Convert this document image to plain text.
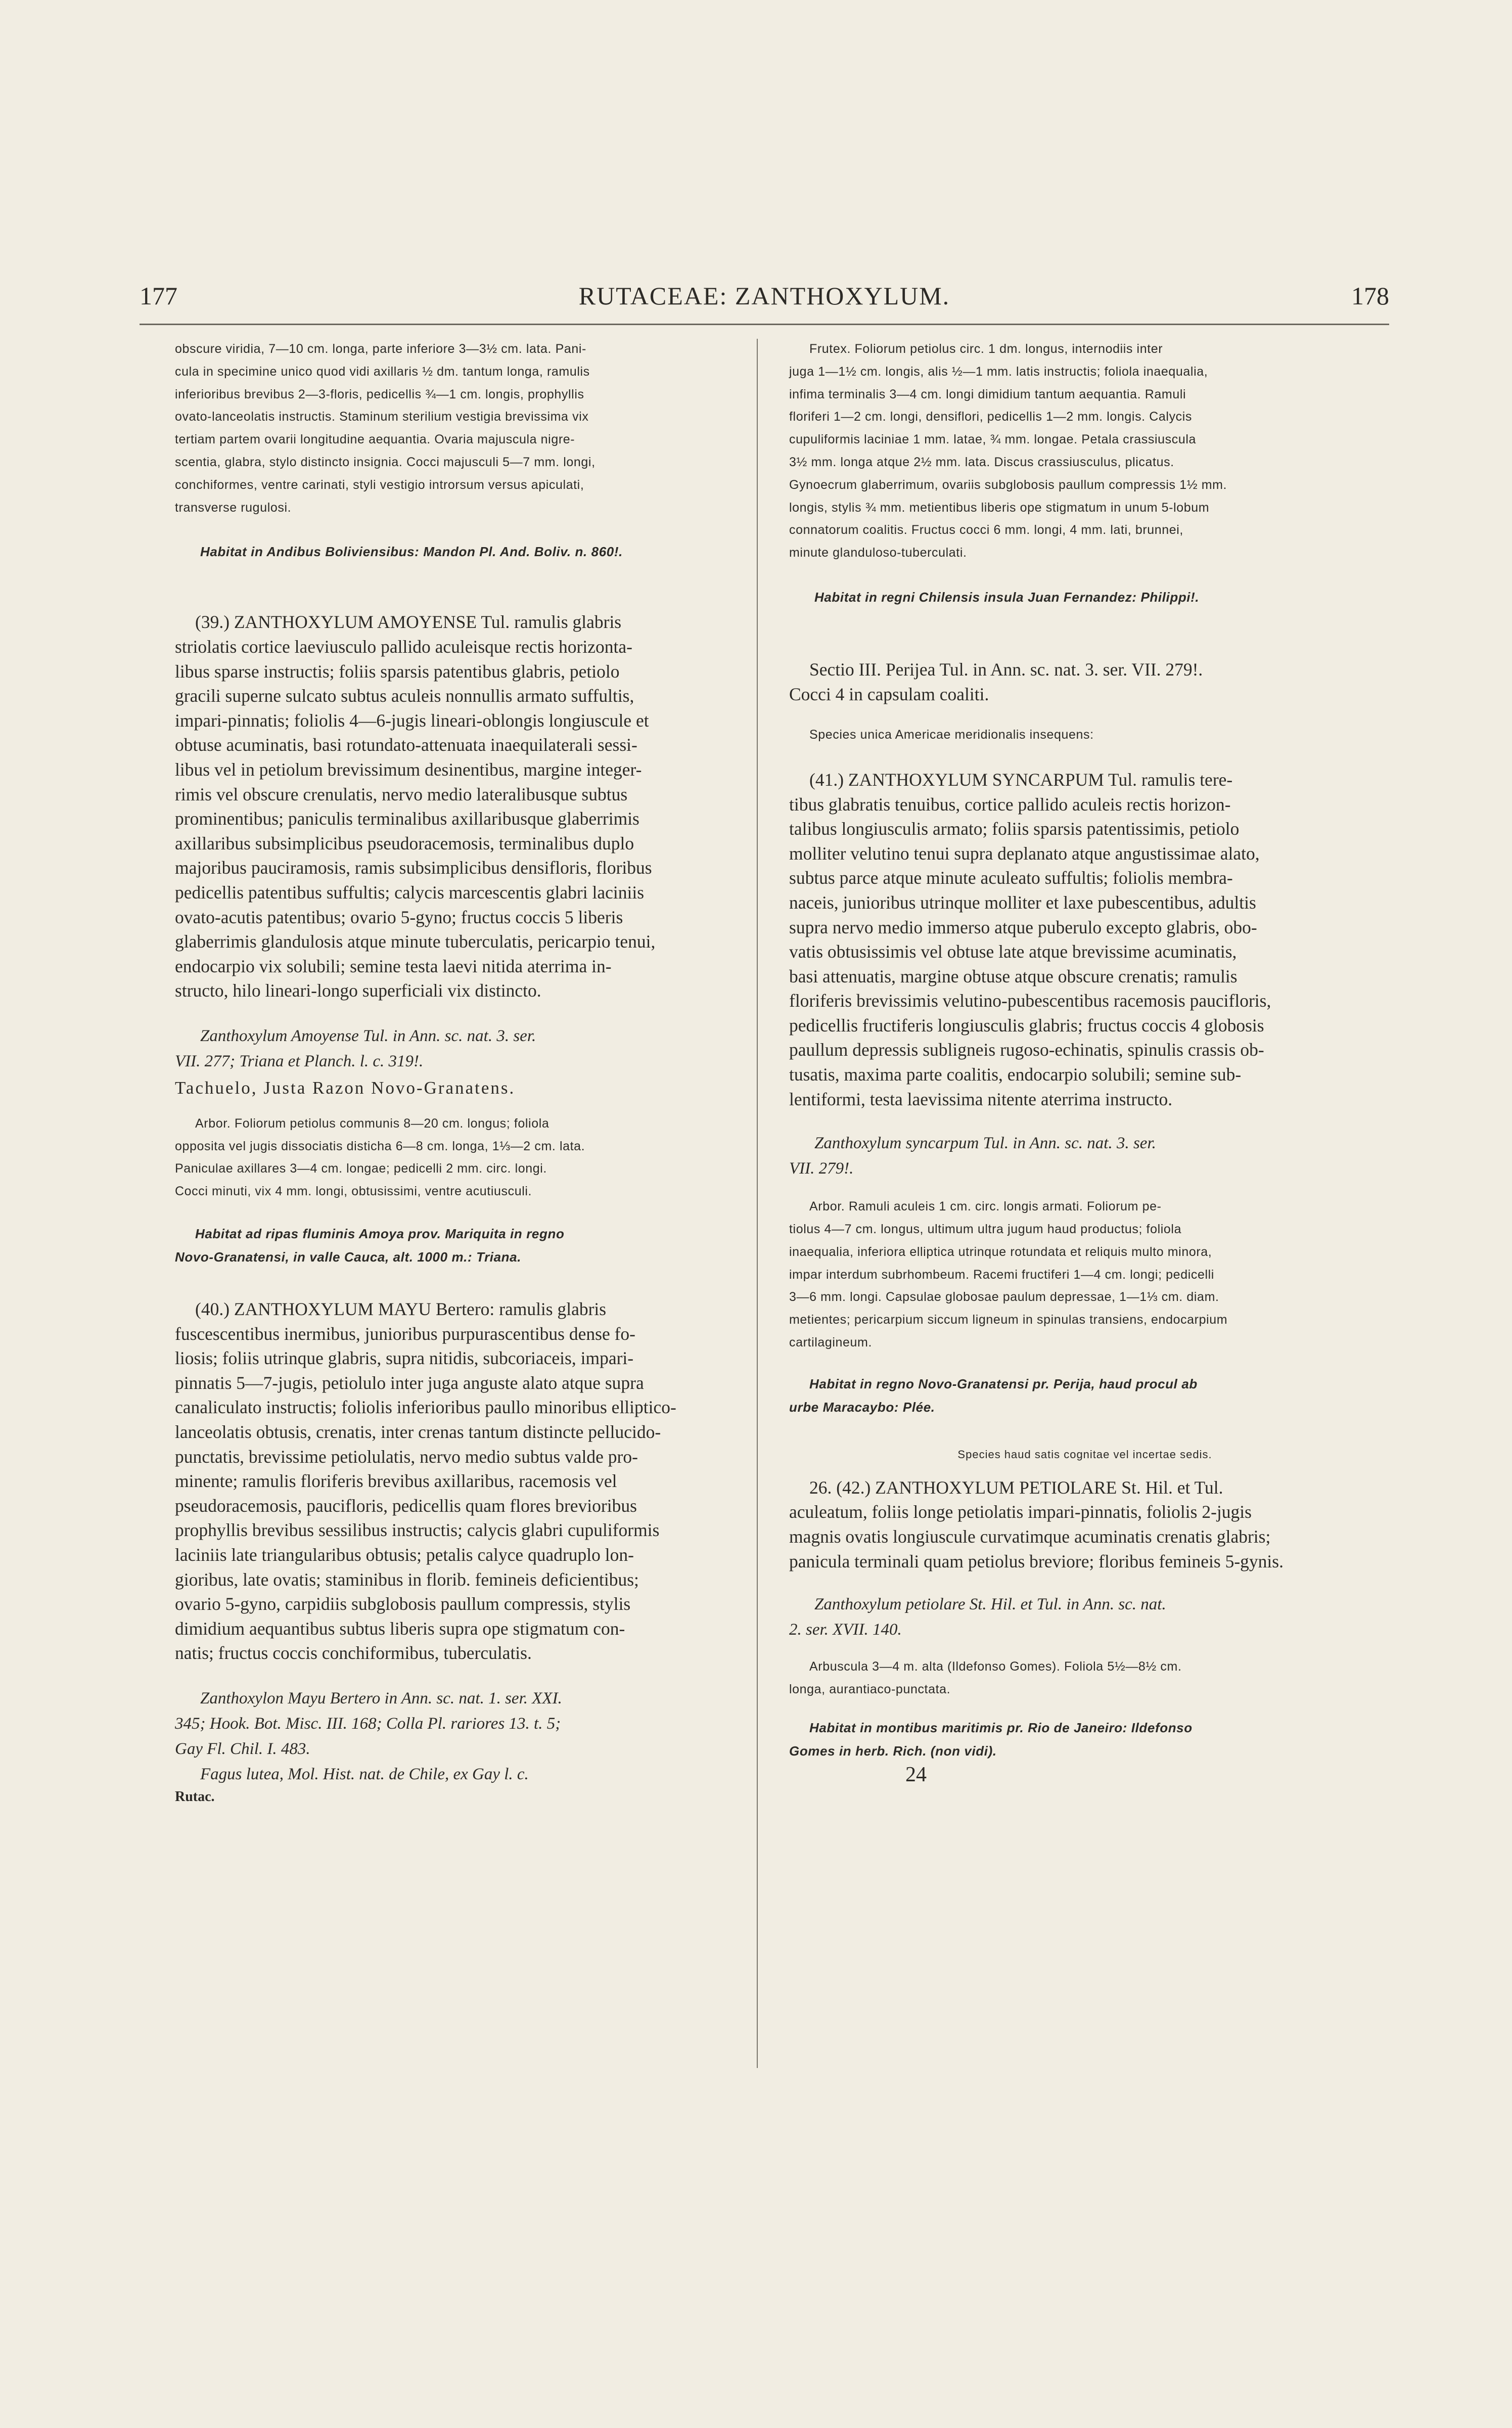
177	RUTACEAE: ZANTHOXYLUM.	178

obscure viridia, 7—10 cm. longa, parte inferiore 3—3½ cm. lata. Pani-
cula in specimine unico quod vidi axillaris ½ dm. tantum longa, ramulis
inferioribus brevibus 2—3-floris, pedicellis ¾—1 cm. longis, prophyllis
ovato-lanceolatis instructis. Staminum sterilium vestigia brevissima vix
tertiam partem ovarii longitudine aequantia. Ovaria majuscula nigre-
scentia, glabra, stylo distincto insignia. Cocci majusculi 5—7 mm. longi,
conchiformes, ventre carinati, styli vestigio introrsum versus apiculati,
transverse rugulosi.

Habitat in Andibus Boliviensibus: Mandon Pl. And. Boliv. n. 860!.

(39.) ZANTHOXYLUM AMOYENSE Tul. ramulis glabris
striolatis cortice laeviusculo pallido aculeisque rectis horizonta-
libus sparse instructis; foliis sparsis patentibus glabris, petiolo
gracili superne sulcato subtus aculeis nonnullis armato suffultis,
impari-pinnatis; foliolis 4—6-jugis lineari-oblongis longiuscule et
obtuse acuminatis, basi rotundato-attenuata inaequilaterali sessi-
libus vel in petiolum brevissimum desinentibus, margine integer-
rimis vel obscure crenulatis, nervo medio lateralibusque subtus
prominentibus; paniculis terminalibus axillaribusque glaberrimis
axillaribus subsimplicibus pseudoracemosis, terminalibus duplo
majoribus pauciramosis, ramis subsimplicibus densifloris, floribus
pedicellis patentibus suffultis; calycis marcescentis glabri laciniis
ovato-acutis patentibus; ovario 5-gyno; fructus coccis 5 liberis
glaberrimis glandulosis atque minute tuberculatis, pericarpio tenui,
endocarpio vix solubili; semine testa laevi nitida aterrima in-
structo, hilo lineari-longo superficiali vix distincto.

Zanthoxylum Amoyense Tul. in Ann. sc. nat. 3. ser.
VII. 277; Triana et Planch. l. c. 319!.

Tachuelo, Justa Razon Novo-Granatens.

Arbor. Foliorum petiolus communis 8—20 cm. longus; foliola
opposita vel jugis dissociatis disticha 6—8 cm. longa, 1⅓—2 cm. lata.
Paniculae axillares 3—4 cm. longae; pedicelli 2 mm. circ. longi.
Cocci minuti, vix 4 mm. longi, obtusissimi, ventre acutiusculi.

Habitat ad ripas fluminis Amoya prov. Mariquita in regno
Novo-Granatensi, in valle Cauca, alt. 1000 m.: Triana.

(40.) ZANTHOXYLUM MAYU Bertero: ramulis glabris
fuscescentibus inermibus, junioribus purpurascentibus dense fo-
liosis; foliis utrinque glabris, supra nitidis, subcoriaceis, impari-
pinnatis 5—7-jugis, petiolulo inter juga anguste alato atque supra
canaliculato instructis; foliolis inferioribus paullo minoribus elliptico-
lanceolatis obtusis, crenatis, inter crenas tantum distincte pellucido-
punctatis, brevissime petiolulatis, nervo medio subtus valde pro-
minente; ramulis floriferis brevibus axillaribus, racemosis vel
pseudoracemosis, paucifloris, pedicellis quam flores brevioribus
prophyllis brevibus sessilibus instructis; calycis glabri cupuliformis
laciniis late triangularibus obtusis; petalis calyce quadruplo lon-
gioribus, late ovatis; staminibus in florib. femineis deficientibus;
ovario 5-gyno, carpidiis subglobosis paullum compressis, stylis
dimidium aequantibus subtus liberis supra ope stigmatum con-
natis; fructus coccis conchiformibus, tuberculatis.

Zanthoxylon Mayu Bertero in Ann. sc. nat. 1. ser. XXI.
345; Hook. Bot. Misc. III. 168; Colla Pl. rariores 13. t. 5;
Gay Fl. Chil. I. 483.
Fagus lutea, Mol. Hist. nat. de Chile, ex Gay l. c.

Rutac.

Frutex. Foliorum petiolus circ. 1 dm. longus, internodiis inter
juga 1—1½ cm. longis, alis ½—1 mm. latis instructis; foliola inaequalia,
infima terminalis 3—4 cm. longi dimidium tantum aequantia. Ramuli
floriferi 1—2 cm. longi, densiflori, pedicellis 1—2 mm. longis. Calycis
cupuliformis laciniae 1 mm. latae, ¾ mm. longae. Petala crassiuscula
3½ mm. longa atque 2½ mm. lata. Discus crassiusculus, plicatus.
Gynoecrum glaberrimum, ovariis subglobosis paullum compressis 1½ mm.
longis, stylis ¾ mm. metientibus liberis ope stigmatum in unum 5-lobum
connatorum coalitis. Fructus cocci 6 mm. longi, 4 mm. lati, brunnei,
minute glanduloso-tuberculati.

Habitat in regni Chilensis insula Juan Fernandez: Philippi!.

Sectio III. Perijea Tul. in Ann. sc. nat. 3. ser. VII. 279!.
Cocci 4 in capsulam coaliti.

Species unica Americae meridionalis insequens:

(41.) ZANTHOXYLUM SYNCARPUM Tul. ramulis tere-
tibus glabratis tenuibus, cortice pallido aculeis rectis horizon-
talibus longiusculis armato; foliis sparsis patentissimis, petiolo
molliter velutino tenui supra deplanato atque angustissimae alato,
subtus parce atque minute aculeato suffultis; foliolis membra-
naceis, junioribus utrinque molliter et laxe pubescentibus, adultis
supra nervo medio immerso atque puberulo excepto glabris, obo-
vatis obtusissimis vel obtuse late atque brevissime acuminatis,
basi attenuatis, margine obtuse atque obscure crenatis; ramulis
floriferis brevissimis velutino-pubescentibus racemosis paucifloris,
pedicellis fructiferis longiusculis glabris; fructus coccis 4 globosis
paullum depressis subligneis rugoso-echinatis, spinulis crassis ob-
tusatis, maxima parte coalitis, endocarpio solubili; semine sub-
lentiformi, testa laevissima nitente aterrima instructo.

Zanthoxylum syncarpum Tul. in Ann. sc. nat. 3. ser.
VII. 279!.

Arbor. Ramuli aculeis 1 cm. circ. longis armati. Foliorum pe-
tiolus 4—7 cm. longus, ultimum ultra jugum haud productus; foliola
inaequalia, inferiora elliptica utrinque rotundata et reliquis multo minora,
impar interdum subrhombeum. Racemi fructiferi 1—4 cm. longi; pedicelli
3—6 mm. longi. Capsulae globosae paulum depressae, 1—1⅓ cm. diam.
metientes; pericarpium siccum ligneum in spinulas transiens, endocarpium
cartilagineum.

Habitat in regno Novo-Granatensi pr. Perija, haud procul ab
urbe Maracaybo: Plée.

Species haud satis cognitae vel incertae sedis.

26. (42.) ZANTHOXYLUM PETIOLARE St. Hil. et Tul.
aculeatum, foliis longe petiolatis impari-pinnatis, foliolis 2-jugis
magnis ovatis longiuscule curvatimque acuminatis crenatis glabris;
panicula terminali quam petiolus breviore; floribus femineis 5-gynis.

Zanthoxylum petiolare St. Hil. et Tul. in Ann. sc. nat.
2. ser. XVII. 140.

Arbuscula 3—4 m. alta (Ildefonso Gomes). Foliola 5½—8½ cm.
longa, aurantiaco-punctata.

Habitat in montibus maritimis pr. Rio de Janeiro: Ildefonso
Gomes in herb. Rich. (non vidi).

24
